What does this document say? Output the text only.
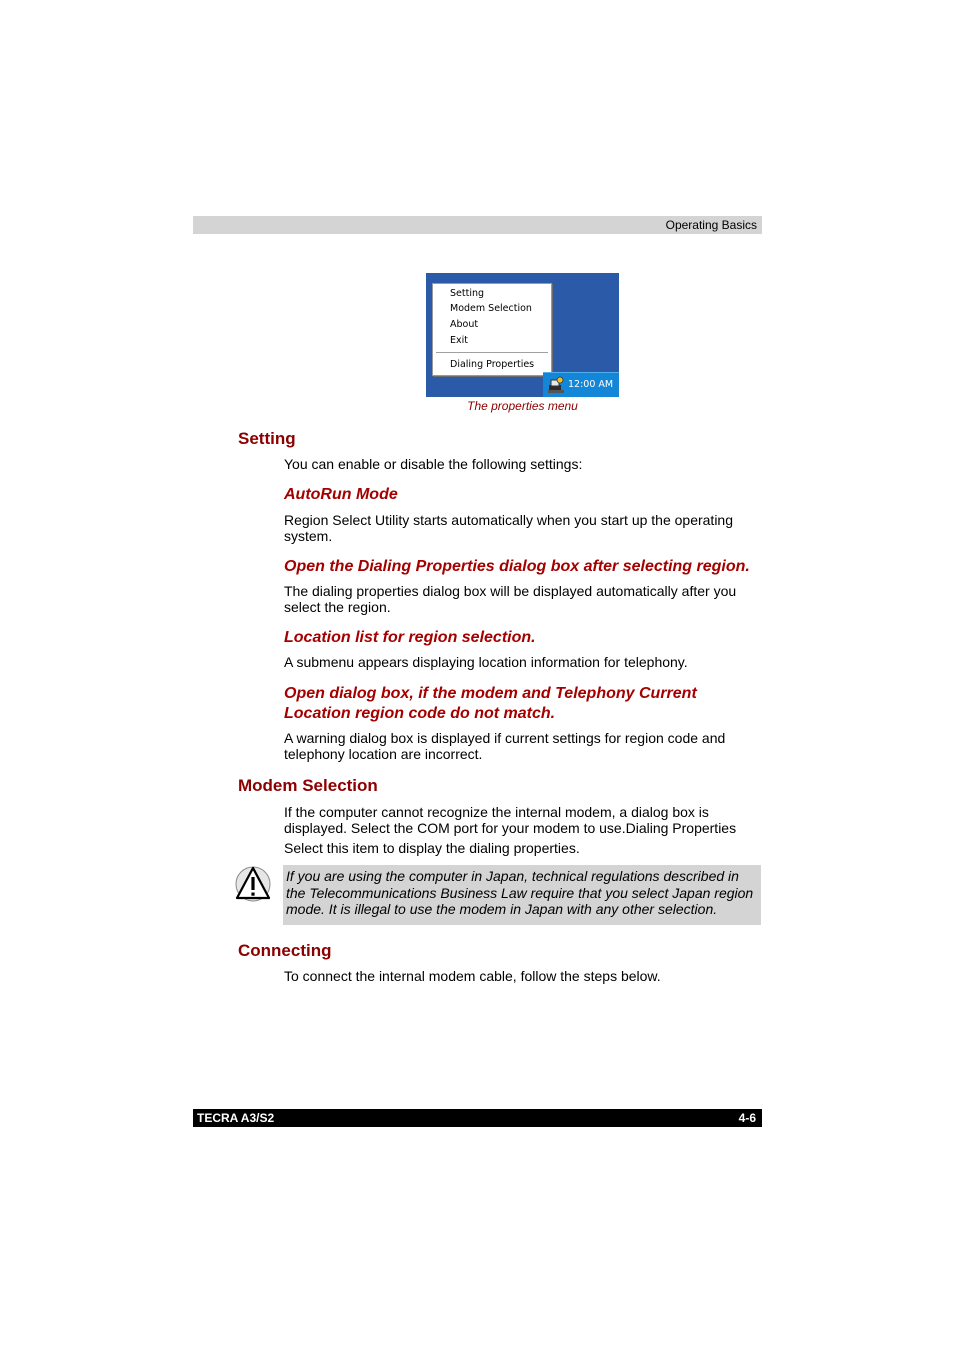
Operating Basics
Setting
Modem Selection
About
Exit
Dialing Properties
12:00 AM
The properties menu
Setting
You can enable or disable the following settings:
AutoRun Mode
Region Select Utility starts automatically when you start up the operating
system.
Open the Dialing Properties dialog box after selecting region.
The dialing properties dialog box will be displayed automatically after you
select the region.
Location list for region selection.
A submenu appears displaying location information for telephony.
Open dialog box, if the modem and Telephony Current
Location region code do not match.
A warning dialog box is displayed if current settings for region code and
telephony location are incorrect.
Modem Selection
If the computer cannot recognize the internal modem, a dialog box is
displayed. Select the COM port for your modem to use.Dialing Properties
Select this item to display the dialing properties.
If you are using the computer in Japan, technical regulations described in
the Telecommunications Business Law require that you select Japan region
mode. It is illegal to use the modem in Japan with any other selection.
Connecting
To connect the internal modem cable, follow the steps below.
TECRA A3/S2	4-6
